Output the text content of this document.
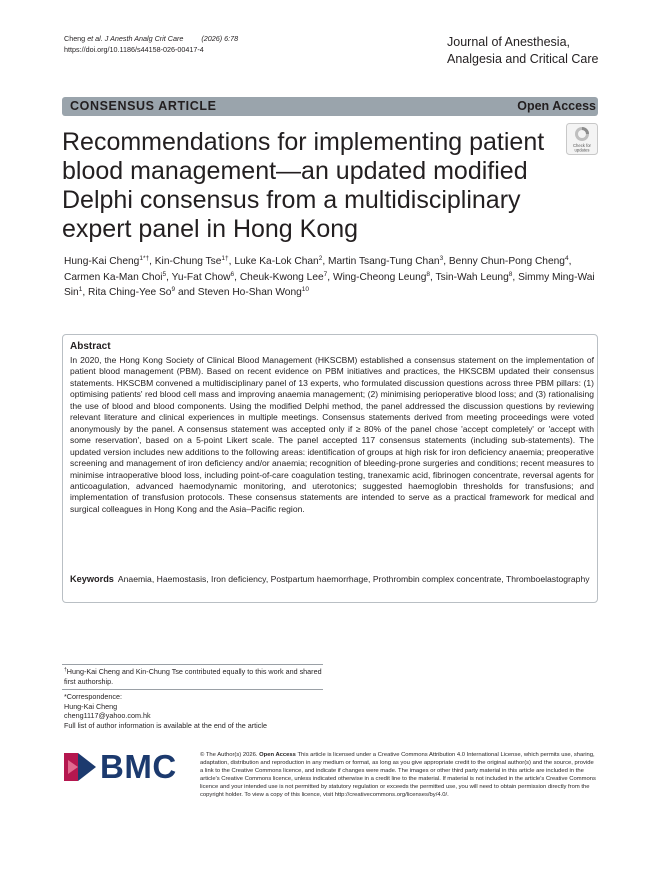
Cheng et al. J Anesth Analg Crit Care (2026) 6:78
https://doi.org/10.1186/s44158-026-00417-4
Journal of Anesthesia,
Analgesia and Critical Care
CONSENSUS ARTICLE	Open Access
Recommendations for implementing patient blood management—an updated modified Delphi consensus from a multidisciplinary expert panel in Hong Kong
Check for
updates
Hung-Kai Cheng$^{1*\dagger}$, Kin-Chung Tse$^{1\dagger}$, Luke Ka-Lok Chan$^2$, Martin Tsang-Tung Chan$^3$, Benny Chun-Pong Cheng$^4$, Carmen Ka-Man Choi$^5$, Yu-Fat Chow$^6$, Cheuk-Kwong Lee$^7$, Wing-Cheong Leung$^8$, Tsin-Wah Leung$^8$, Simmy Ming-Wai Sin$^1$, Rita Ching-Yee So$^9$ and Steven Ho-Shan Wong$^{10}$
Abstract
In 2020, the Hong Kong Society of Clinical Blood Management (HKSCBM) established a consensus statement on the implementation of patient blood management (PBM). Based on recent evidence on PBM initiatives and practices, the HKSCBM updated their consensus statements. HKSCBM convened a multidisciplinary panel of 13 experts, who formulated discussion questions across three PBM pillars: (1) optimising patients' red blood cell mass and improving anaemia management; (2) minimising perioperative blood loss; and (3) rationalising the use of blood and blood components. Using the modified Delphi method, the panel addressed the discussion questions by reviewing relevant literature and clinical experiences in multiple meetings. Consensus statements derived from meeting proceedings were voted anonymously by the panel. A consensus statement was accepted only if ≥ 80% of the panel chose 'accept completely' or 'accept with some reservation', based on a 5-point Likert scale. The panel accepted 117 consensus statements (including sub-statements). The updated version includes new additions to the following areas: identification of groups at high risk for iron deficiency anaemia; preoperative screening and management of iron deficiency and/or anaemia; recognition of bleeding-prone surgeries and conditions; recent measures to minimise intraoperative blood loss, including point-of-care coagulation testing, tranexamic acid, fibrinogen concentrate, reversal agents for anticoagulation, advanced haemodynamic monitoring, and uterotonics; suggested haemoglobin thresholds for transfusions; and implementation of transfusion protocols. These consensus statements are intended to serve as a practical framework for medical and surgical colleagues in Hong Kong and the Asia–Pacific region.
Keywords Anaemia, Haemostasis, Iron deficiency, Postpartum haemorrhage, Prothrombin complex concentrate, Thromboelastography
†Hung-Kai Cheng and Kin-Chung Tse contributed equally to this work and shared first authorship.
*Correspondence:
Hung-Kai Cheng
cheng1117@yahoo.com.hk
Full list of author information is available at the end of the article
BMC	© The Author(s) 2026. Open Access This article is licensed under a Creative Commons Attribution 4.0 International License, which permits use, sharing, adaptation, distribution and reproduction in any medium or format, as long as you give appropriate credit to the original author(s) and the source, provide a link to the Creative Commons licence, and indicate if changes were made. The images or other third party material in this article are included in the article's Creative Commons licence, unless indicated otherwise in a credit line to the material. If material is not included in the article's Creative Commons licence and your intended use is not permitted by statutory regulation or exceeds the permitted use, you will need to obtain permission directly from the copyright holder. To view a copy of this licence, visit http://creativecommons.org/licenses/by/4.0/.
